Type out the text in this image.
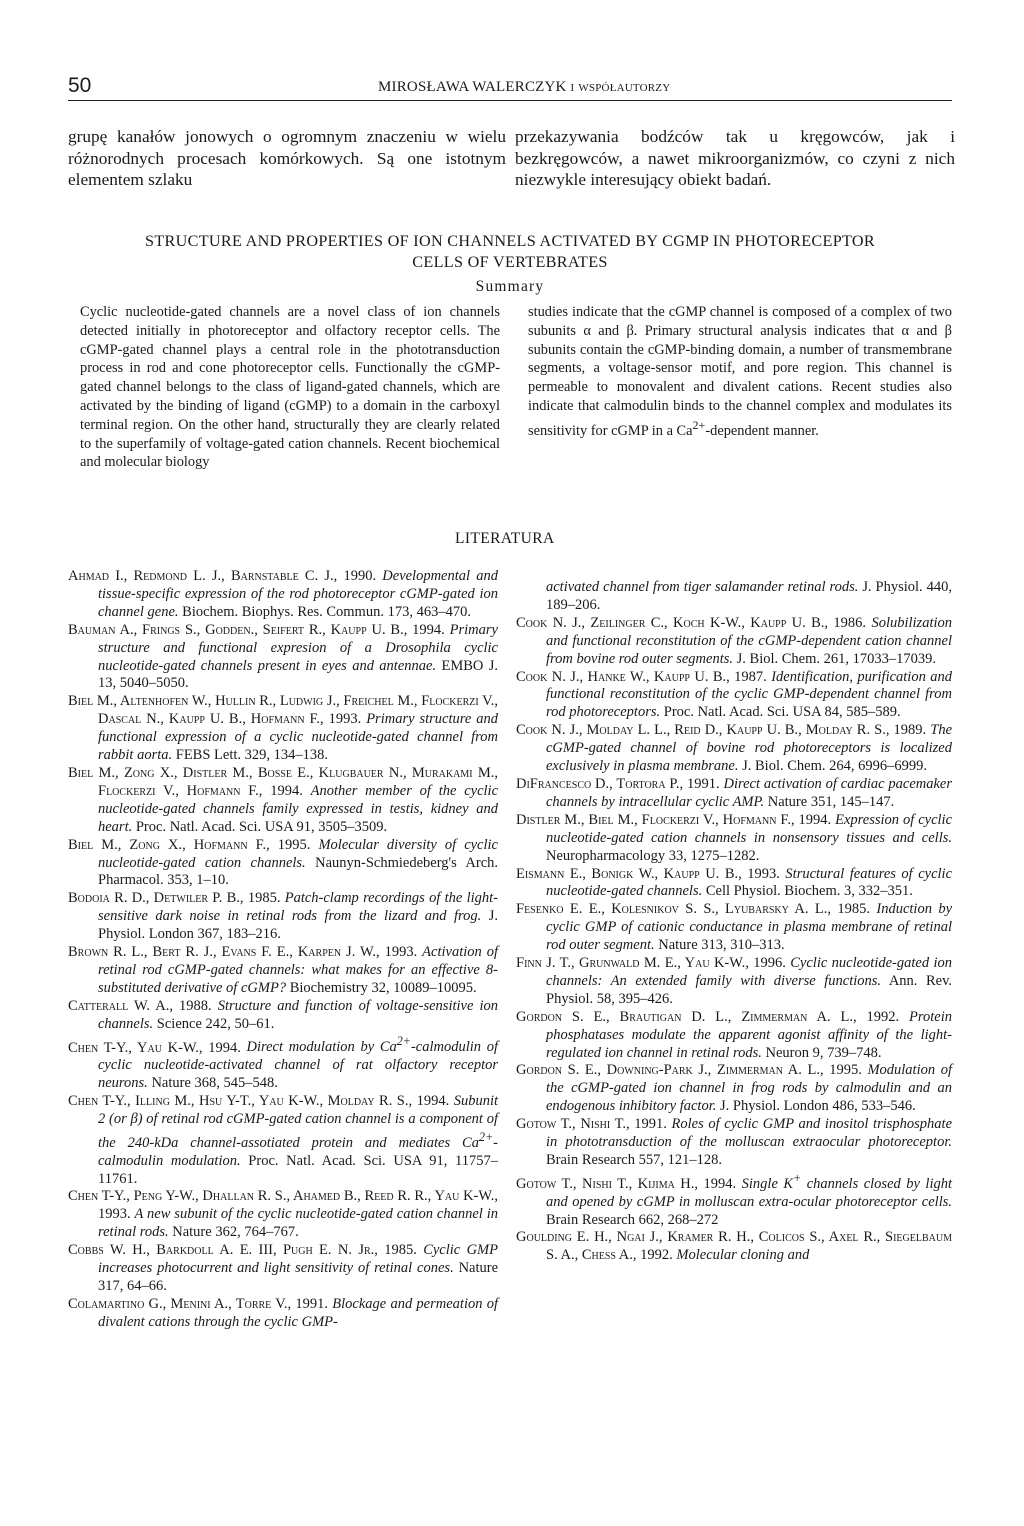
50	MIROSŁAWA WALERCZYK i współautorzy
grupę kanałów jonowych o ogromnym znaczeniu w wielu różnorodnych procesach komórkowych. Są one istotnym elementem szlaku
przekazywania bodźców tak u kręgowców, jak i bezkręgowców, a nawet mikroorganizmów, co czyni z nich niezwykle interesujący obiekt badań.
STRUCTURE AND PROPERTIES OF ION CHANNELS ACTIVATED BY CGMP IN PHOTORECEPTOR
CELLS OF VERTEBRATES
Summary
Cyclic nucleotide-gated channels are a novel class of ion channels detected initially in photoreceptor and olfactory receptor cells. The cGMP-gated channel plays a central role in the phototransduction process in rod and cone photoreceptor cells. Functionally the cGMP-gated channel belongs to the class of ligand-gated channels, which are activated by the binding of ligand (cGMP) to a domain in the carboxyl terminal region. On the other hand, structurally they are clearly related to the superfamily of voltage-gated cation channels. Recent biochemical and molecular biology
studies indicate that the cGMP channel is composed of a complex of two subunits α and β. Primary structural analysis indicates that α and β subunits contain the cGMP-binding domain, a number of transmembrane segments, a voltage-sensor motif, and pore region. This channel is permeable to monovalent and divalent cations. Recent studies also indicate that calmodulin binds to the channel complex and modulates its sensitivity for cGMP in a $Ca^{2+}$-dependent manner.
LITERATURA

Ahmad I., Redmond L. J., Barnstable C. J., 1990. Developmental and tissue-specific expression of the rod photoreceptor cGMP-gated ion channel gene. Biochem. Biophys. Res. Commun. 173, 463–470.

Bauman A., Frings S., Godden., Seifert R., Kaupp U. B., 1994. Primary structure and functional expresion of a Drosophila cyclic nucleotide-gated channels present in eyes and antennae. EMBO J. 13, 5040–5050.

Biel M., Altenhofen W., Hullin R., Ludwig J., Freichel M., Flockerzi V., Dascal N., Kaupp U. B., Hofmann F., 1993. Primary structure and functional expression of a cyclic nucleotide-gated channel from rabbit aorta. FEBS Lett. 329, 134–138.

Biel M., Zong X., Distler M., Bosse E., Klugbauer N., Murakami M., Flockerzi V., Hofmann F., 1994. Another member of the cyclic nucleotide-gated channels family expressed in testis, kidney and heart. Proc. Natl. Acad. Sci. USA 91, 3505–3509.

Biel M., Zong X., Hofmann F., 1995. Molecular diversity of cyclic nucleotide-gated cation channels. Naunyn-Schmiedeberg's Arch. Pharmacol. 353, 1–10.

Bodoia R. D., Detwiler P. B., 1985. Patch-clamp recordings of the light-sensitive dark noise in retinal rods from the lizard and frog. J. Physiol. London 367, 183–216.

Brown R. L., Bert R. J., Evans F. E., Karpen J. W., 1993. Activation of retinal rod cGMP-gated channels: what makes for an effective 8-substituted derivative of cGMP? Biochemistry 32, 10089–10095.

Catterall W. A., 1988. Structure and function of voltage-sensitive ion channels. Science 242, 50–61.

Chen T-Y., Yau K-W., 1994. Direct modulation by $Ca^{2+}$-calmodulin of cyclic nucleotide-activated channel of rat olfactory receptor neurons. Nature 368, 545–548.

Chen T-Y., Illing M., Hsu Y-T., Yau K-W., Molday R. S., 1994. Subunit 2 (or β) of retinal rod cGMP-gated cation channel is a component of the 240-kDa channel-assotiated protein and mediates $Ca^{2+}$-calmodulin modulation. Proc. Natl. Acad. Sci. USA 91, 11757–11761.

Chen T-Y., Peng Y-W., Dhallan R. S., Ahamed B., Reed R. R., Yau K-W., 1993. A new subunit of the cyclic nucleotide-gated cation channel in retinal rods. Nature 362, 764–767.

Cobbs W. H., Barkdoll A. E. III, Pugh E. N. Jr., 1985. Cyclic GMP increases photocurrent and light sensitivity of retinal cones. Nature 317, 64–66.

Colamartino G., Menini A., Torre V., 1991. Blockage and permeation of divalent cations through the cyclic GMP-

activated channel from tiger salamander retinal rods. J. Physiol. 440, 189–206.

Cook N. J., Zeilinger C., Koch K-W., Kaupp U. B., 1986. Solubilization and functional reconstitution of the cGMP-dependent cation channel from bovine rod outer segments. J. Biol. Chem. 261, 17033–17039.

Cook N. J., Hanke W., Kaupp U. B., 1987. Identification, purification and functional reconstitution of the cyclic GMP-dependent channel from rod photoreceptors. Proc. Natl. Acad. Sci. USA 84, 585–589.

Cook N. J., Molday L. L., Reid D., Kaupp U. B., Molday R. S., 1989. The cGMP-gated channel of bovine rod photoreceptors is localized exclusively in plasma membrane. J. Biol. Chem. 264, 6996–6999.

DiFrancesco D., Tortora P., 1991. Direct activation of cardiac pacemaker channels by intracellular cyclic AMP. Nature 351, 145–147.

Distler M., Biel M., Flockerzi V., Hofmann F., 1994. Expression of cyclic nucleotide-gated cation channels in nonsensory tissues and cells. Neuropharmacology 33, 1275–1282.

Eismann E., Bonigk W., Kaupp U. B., 1993. Structural features of cyclic nucleotide-gated channels. Cell Physiol. Biochem. 3, 332–351.

Fesenko E. E., Kolesnikov S. S., Lyubarsky A. L., 1985. Induction by cyclic GMP of cationic conductance in plasma membrane of retinal rod outer segment. Nature 313, 310–313.

Finn J. T., Grunwald M. E., Yau K-W., 1996. Cyclic nucleotide-gated ion channels: An extended family with diverse functions. Ann. Rev. Physiol. 58, 395–426.

Gordon S. E., Brautigan D. L., Zimmerman A. L., 1992. Protein phosphatases modulate the apparent agonist affinity of the light-regulated ion channel in retinal rods. Neuron 9, 739–748.

Gordon S. E., Downing-Park J., Zimmerman A. L., 1995. Modulation of the cGMP-gated ion channel in frog rods by calmodulin and an endogenous inhibitory factor. J. Physiol. London 486, 533–546.

Gotow T., Nishi T., 1991. Roles of cyclic GMP and inositol trisphosphate in phototransduction of the molluscan extraocular photoreceptor. Brain Research 557, 121–128.

Gotow T., Nishi T., Kijima H., 1994. Single K+ channels closed by light and opened by cGMP in molluscan extra-ocular photoreceptor cells. Brain Research 662, 268–272

Goulding E. H., Ngai J., Kramer R. H., Colicos S., Axel R., Siegelbaum S. A., Chess A., 1992. Molecular cloning and
